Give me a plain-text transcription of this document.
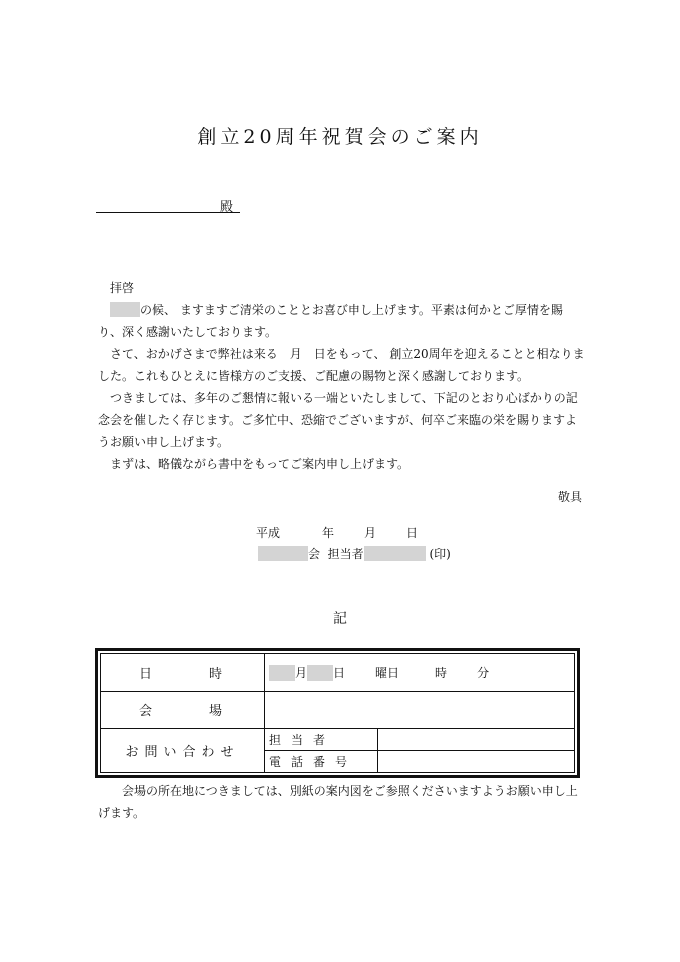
創立20周年祝賀会のご案内
殿
拝啓
の候、 ますますご清栄のこととお喜び申し上げます。平素は何かとご厚情を賜り、深く感謝いたしております。
さて、おかげさまで弊社は来る　月　日をもって、 創立20周年を迎えることと相なりました。これもひとえに皆様方のご支援、ご配慮の賜物と深く感謝しております。
つきましては、多年のご懇情に報いる一端といたしまして、下記のとおり心ばかりの記念会を催したく存じます。ご多忙中、恐縮でございますが、何卒ご来臨の栄を賜りますようお願い申し上げます。
まずは、略儀ながら書中をもってご案内申し上げます。
敬具
平成	年	月	日
会 担当者	(印)
記
日　時	月 日 曜日 時 分	
会　場		
お問い合わせ	担当者	
	電話番号	
会場の所在地につきましては、別紙の案内図をご参照くださいますようお願い申し上げます。
